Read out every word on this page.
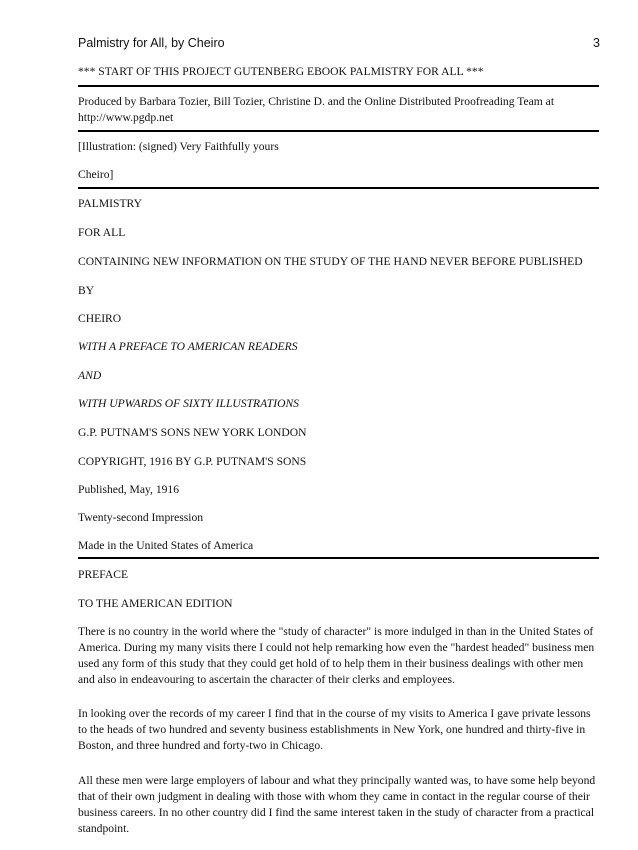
Palmistry for All, by Cheiro	3
*** START OF THIS PROJECT GUTENBERG EBOOK PALMISTRY FOR ALL ***
Produced by Barbara Tozier, Bill Tozier, Christine D. and the Online Distributed Proofreading Team at
http://www.pgdp.net
[Illustration: (signed) Very Faithfully yours
Cheiro]
PALMISTRY
FOR ALL
CONTAINING NEW INFORMATION ON THE STUDY OF THE HAND NEVER BEFORE PUBLISHED
BY
CHEIRO
WITH A PREFACE TO AMERICAN READERS
AND
WITH UPWARDS OF SIXTY ILLUSTRATIONS
G.P. PUTNAM'S SONS NEW YORK LONDON
COPYRIGHT, 1916 BY G.P. PUTNAM'S SONS
Published, May, 1916
Twenty-second Impression
Made in the United States of America
PREFACE
TO THE AMERICAN EDITION
There is no country in the world where the "study of character" is more indulged in than in the United States of America. During my many visits there I could not help remarking how even the "hardest headed" business men used any form of this study that they could get hold of to help them in their business dealings with other men and also in endeavouring to ascertain the character of their clerks and employees.
In looking over the records of my career I find that in the course of my visits to America I gave private lessons to the heads of two hundred and seventy business establishments in New York, one hundred and thirty-five in Boston, and three hundred and forty-two in Chicago.
All these men were large employers of labour and what they principally wanted was, to have some help beyond that of their own judgment in dealing with those with whom they came in contact in the regular course of their business careers. In no other country did I find the same interest taken in the study of character from a practical standpoint.
